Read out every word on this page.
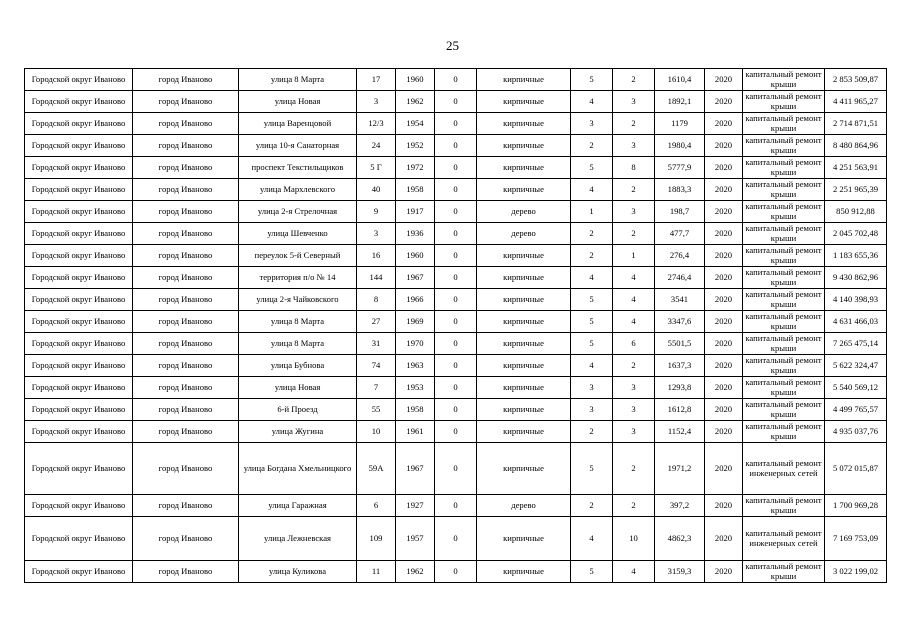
25
Городской округ Иваново	город Иваново	улица 8 Марта	17	1960	0	кирпичные	5	2	1610,4	2020	капитальный ремонт крыши	2 853 509,87
Городской округ Иваново	город Иваново	улица Новая	3	1962	0	кирпичные	4	3	1892,1	2020	капитальный ремонт крыши	4 411 965,27
Городской округ Иваново	город Иваново	улица Варенцовой	12/3	1954	0	кирпичные	3	2	1179	2020	капитальный ремонт крыши	2 714 871,51
Городской округ Иваново	город Иваново	улица 10-я Санаторная	24	1952	0	кирпичные	2	3	1980,4	2020	капитальный ремонт крыши	8 480 864,96
Городской округ Иваново	город Иваново	проспект Текстильщиков	5 Г	1972	0	кирпичные	5	8	5777,9	2020	капитальный ремонт крыши	4 251 563,91
Городской округ Иваново	город Иваново	улица Мархлевского	40	1958	0	кирпичные	4	2	1883,3	2020	капитальный ремонт крыши	2 251 965,39
Городской округ Иваново	город Иваново	улица 2-я Стрелочная	9	1917	0	дерево	1	3	198,7	2020	капитальный ремонт крыши	850 912,88
Городской округ Иваново	город Иваново	улица Шевченко	3	1936	0	дерево	2	2	477,7	2020	капитальный ремонт крыши	2 045 702,48
Городской округ Иваново	город Иваново	переулок 5-й Северный	16	1960	0	кирпичные	2	1	276,4	2020	капитальный ремонт крыши	1 183 655,36
Городской округ Иваново	город Иваново	территория п/о № 14	144	1967	0	кирпичные	4	4	2746,4	2020	капитальный ремонт крыши	9 430 862,96
Городской округ Иваново	город Иваново	улица 2-я Чайковского	8	1966	0	кирпичные	5	4	3541	2020	капитальный ремонт крыши	4 140 398,93
Городской округ Иваново	город Иваново	улица 8 Марта	27	1969	0	кирпичные	5	4	3347,6	2020	капитальный ремонт крыши	4 631 466,03
Городской округ Иваново	город Иваново	улица 8 Марта	31	1970	0	кирпичные	5	6	5501,5	2020	капитальный ремонт крыши	7 265 475,14
Городской округ Иваново	город Иваново	улица Бубнова	74	1963	0	кирпичные	4	2	1637,3	2020	капитальный ремонт крыши	5 622 324,47
Городской округ Иваново	город Иваново	улица Новая	7	1953	0	кирпичные	3	3	1293,8	2020	капитальный ремонт крыши	5 540 569,12
Городской округ Иваново	город Иваново	6-й Проезд	55	1958	0	кирпичные	3	3	1612,8	2020	капитальный ремонт крыши	4 499 765,57
Городской округ Иваново	город Иваново	улица Жугина	10	1961	0	кирпичные	2	3	1152,4	2020	капитальный ремонт крыши	4 935 037,76
Городской округ Иваново	город Иваново	улица Богдана Хмельницкого	59А	1967	0	кирпичные	5	2	1971,2	2020	капитальный ремонт инженерных сетей	5 072 015,87
Городской округ Иваново	город Иваново	улица Гаражная	6	1927	0	дерево	2	2	397,2	2020	капитальный ремонт крыши	1 700 969,28
Городской округ Иваново	город Иваново	улица Лежневская	109	1957	0	кирпичные	4	10	4862,3	2020	капитальный ремонт инженерных сетей	7 169 753,09
Городской округ Иваново	город Иваново	улица Куликова	11	1962	0	кирпичные	5	4	3159,3	2020	капитальный ремонт крыши	3 022 199,02
